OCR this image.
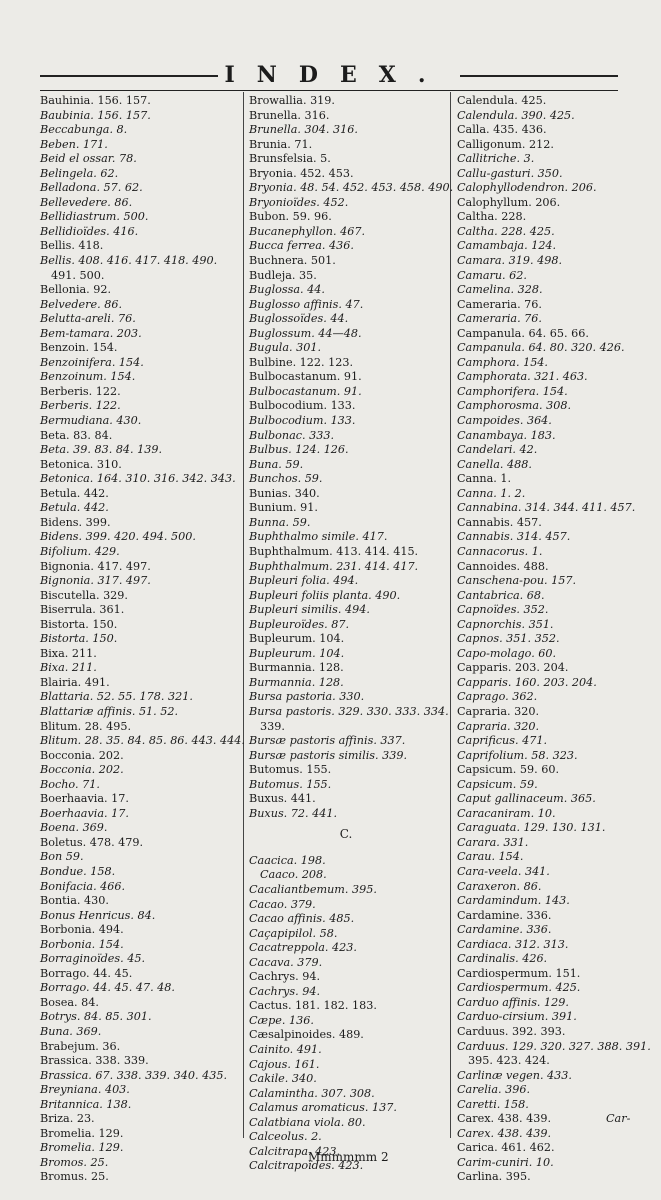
INDEX.
Bauhinia. 156. 157.
Baubinia. 156. 157.
Beccabunga. 8.
Beben. 171.
Beid el ossar. 78.
Belingela. 62.
Belladona. 57. 62.
Bellevedere. 86.
Bellidiastrum. 500.
Bellidioïdes. 416.
Bellis. 418.
Bellis. 408. 416. 417. 418. 490.
491. 500.
Bellonia. 92.
Belvedere. 86.
Belutta-areli. 76.
Bem-tamara. 203.
Benzoin. 154.
Benzoinifera. 154.
Benzoinum. 154.
Berberis. 122.
Berberis. 122.
Bermudiana. 430.
Beta. 83. 84.
Beta. 39. 83. 84. 139.
Betonica. 310.
Betonica. 164. 310. 316. 342. 343.
Betula. 442.
Betula. 442.
Bidens. 399.
Bidens. 399. 420. 494. 500.
Bifolium. 429.
Bignonia. 417. 497.
Bignonia. 317. 497.
Biscutella. 329.
Biserrula. 361.
Bistorta. 150.
Bistorta. 150.
Bixa. 211.
Bixa. 211.
Blairia. 491.
Blattaria. 52. 55. 178. 321.
Blattariæ affinis. 51. 52.
Blitum. 28. 495.
Blitum. 28. 35. 84. 85. 86. 443. 444.
Bocconia. 202.
Bocconia. 202.
Bocho. 71.
Boerhaavia. 17.
Boerhaavia. 17.
Boena. 369.
Boletus. 478. 479.
Bon 59.
Bondue. 158.
Bonifacia. 466.
Bontia. 430.
Bonus Henricus. 84.
Borbonia. 494.
Borbonia. 154.
Borraginoïdes. 45.
Borrago. 44. 45.
Borrago. 44. 45. 47. 48.
Bosea. 84.
Botrys. 84. 85. 301.
Buna. 369.
Brabejum. 36.
Brassica. 338. 339.
Brassica. 67. 338. 339. 340. 435.
Breyniana. 403.
Britannica. 138.
Briza. 23.
Bromelia. 129.
Bromelia. 129.
Bromos. 25.
Bromus. 25.
Browallia. 319.
Brunella. 316.
Brunella. 304. 316.
Brunia. 71.
Brunsfelsia. 5.
Bryonia. 452. 453.
Bryonia. 48. 54. 452. 453. 458. 490.
Bryonioïdes. 452.
Bubon. 59. 96.
Bucanephyllon. 467.
Bucca ferrea. 436.
Buchnera. 501.
Budleja. 35.
Buglossa. 44.
Buglosso affinis. 47.
Buglossoïdes. 44.
Buglossum. 44—48.
Bugula. 301.
Bulbine. 122. 123.
Bulbocastanum. 91.
Bulbocastanum. 91.
Bulbocodium. 133.
Bulbocodium. 133.
Bulbonac. 333.
Bulbus. 124. 126.
Buna. 59.
Bunchos. 59.
Bunias. 340.
Bunium. 91.
Bunna. 59.
Buphthalmo simile. 417.
Buphthalmum. 413. 414. 415.
Buphthalmum. 231. 414. 417.
Bupleuri folia. 494.
Bupleuri foliis planta. 490.
Bupleuri similis. 494.
Bupleuroïdes. 87.
Bupleurum. 104.
Bupleurum. 104.
Burmannia. 128.
Burmannia. 128.
Bursa pastoria. 330.
Bursa pastoris. 329. 330. 333. 334.
339.
Bursæ pastoris affinis. 337.
Bursæ pastoris similis. 339.
Butomus. 155.
Butomus. 155.
Buxus. 441.
Buxus. 72. 441.
C.
Caacica. 198.
Caaco. 208.
Cacaliantbemum. 395.
Cacao. 379.
Cacao affinis. 485.
Caçapipilol. 58.
Cacatreppola. 423.
Cacava. 379.
Cachrys. 94.
Cachrys. 94.
Cactus. 181. 182. 183.
Cæpe. 136.
Cæsalpinoides. 489.
Cainito. 491.
Cajous. 161.
Cakile. 340.
Calamintha. 307. 308.
Calamus aromaticus. 137.
Calatbiana viola. 80.
Calceolus. 2.
Calcitrapa. 423.
Calcitrapoïdes. 423.
Calendula. 425.
Calendula. 390. 425.
Calla. 435. 436.
Calligonum. 212.
Callitriche. 3.
Callu-gasturi. 350.
Calophyllodendron. 206.
Calophyllum. 206.
Caltha. 228.
Caltha. 228. 425.
Camambaja. 124.
Camara. 319. 498.
Camaru. 62.
Camelina. 328.
Cameraria. 76.
Cameraria. 76.
Campanula. 64. 65. 66.
Campanula. 64. 80. 320. 426.
Camphora. 154.
Camphorata. 321. 463.
Camphorifera. 154.
Camphorosma. 308.
Campoides. 364.
Canambaya. 183.
Candelari. 42.
Canella. 488.
Canna. 1.
Canna. 1. 2.
Cannabina. 314. 344. 411. 457.
Cannabis. 457.
Cannabis. 314. 457.
Cannacorus. 1.
Cannoides. 488.
Canschena-pou. 157.
Cantabrica. 68.
Capnoïdes. 352.
Capnorchis. 351.
Capnos. 351. 352.
Capo-molago. 60.
Capparis. 203. 204.
Capparis. 160. 203. 204.
Caprago. 362.
Capraria. 320.
Capraria. 320.
Caprificus. 471.
Caprifolium. 58. 323.
Capsicum. 59. 60.
Capsicum. 59.
Caput gallinaceum. 365.
Caracaniram. 10.
Caraguata. 129. 130. 131.
Carara. 331.
Carau. 154.
Cara-veela. 341.
Caraxeron. 86.
Cardamindum. 143.
Cardamine. 336.
Cardamine. 336.
Cardiaca. 312. 313.
Cardinalis. 426.
Cardiospermum. 151.
Cardiospermum. 425.
Carduo affinis. 129.
Carduo-cirsium. 391.
Carduus. 392. 393.
Carduus. 129. 320. 327. 388. 391.
395. 423. 424.
Carlinæ vegen. 433.
Carelia. 396.
Caretti. 158.
Carex. 438. 439.
Carex. 438. 439.
Carica. 461. 462.
Carim-cuniri. 10.
Carlina. 395.
Car-
Mmmmmm 2
